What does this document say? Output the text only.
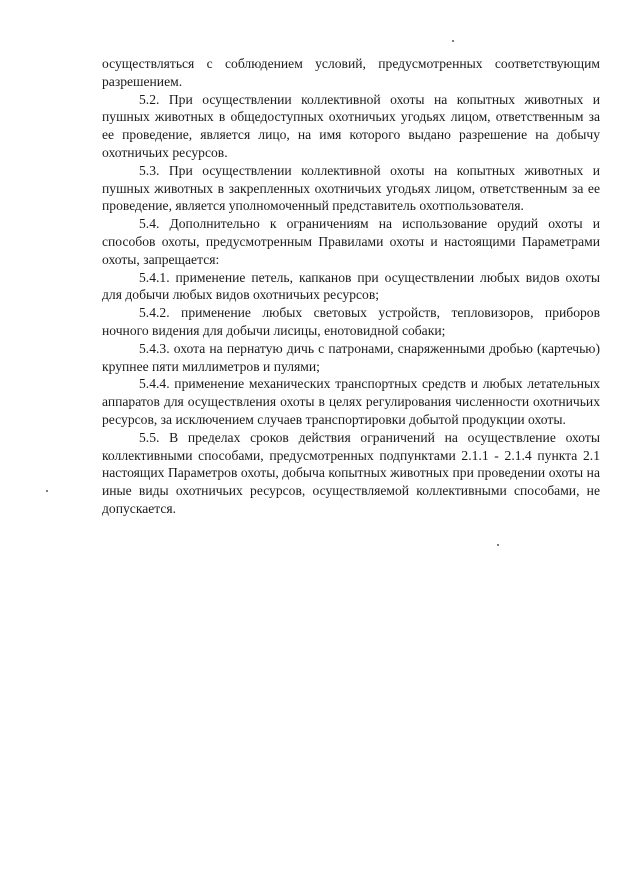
осуществляться с соблюдением условий, предусмотренных соответствующим разрешением.

5.2. При осуществлении коллективной охоты на копытных животных и пушных животных в общедоступных охотничьих угодьях лицом, ответственным за ее проведение, является лицо, на имя которого выдано разрешение на добычу охотничьих ресурсов.

5.3. При осуществлении коллективной охоты на копытных животных и пушных животных в закрепленных охотничьих угодьях лицом, ответственным за ее проведение, является уполномоченный представитель охотпользователя.

5.4. Дополнительно к ограничениям на использование орудий охоты и способов охоты, предусмотренным Правилами охоты и настоящими Параметрами охоты, запрещается:

5.4.1. применение петель, капканов при осуществлении любых видов охоты для добычи любых видов охотничьих ресурсов;

5.4.2. применение любых световых устройств, тепловизоров, приборов ночного видения для добычи лисицы, енотовидной собаки;

5.4.3. охота на пернатую дичь с патронами, снаряженными дробью (картечью) крупнее пяти миллиметров и пулями;

5.4.4. применение механических транспортных средств и любых летательных аппаратов для осуществления охоты в целях регулирования численности охотничьих ресурсов, за исключением случаев транспортировки добытой продукции охоты.

5.5. В пределах сроков действия ограничений на осуществление охоты коллективными способами, предусмотренных подпунктами 2.1.1 - 2.1.4 пункта 2.1 настоящих Параметров охоты, добыча копытных животных при проведении охоты на иные виды охотничьих ресурсов, осуществляемой коллективными способами, не допускается.
